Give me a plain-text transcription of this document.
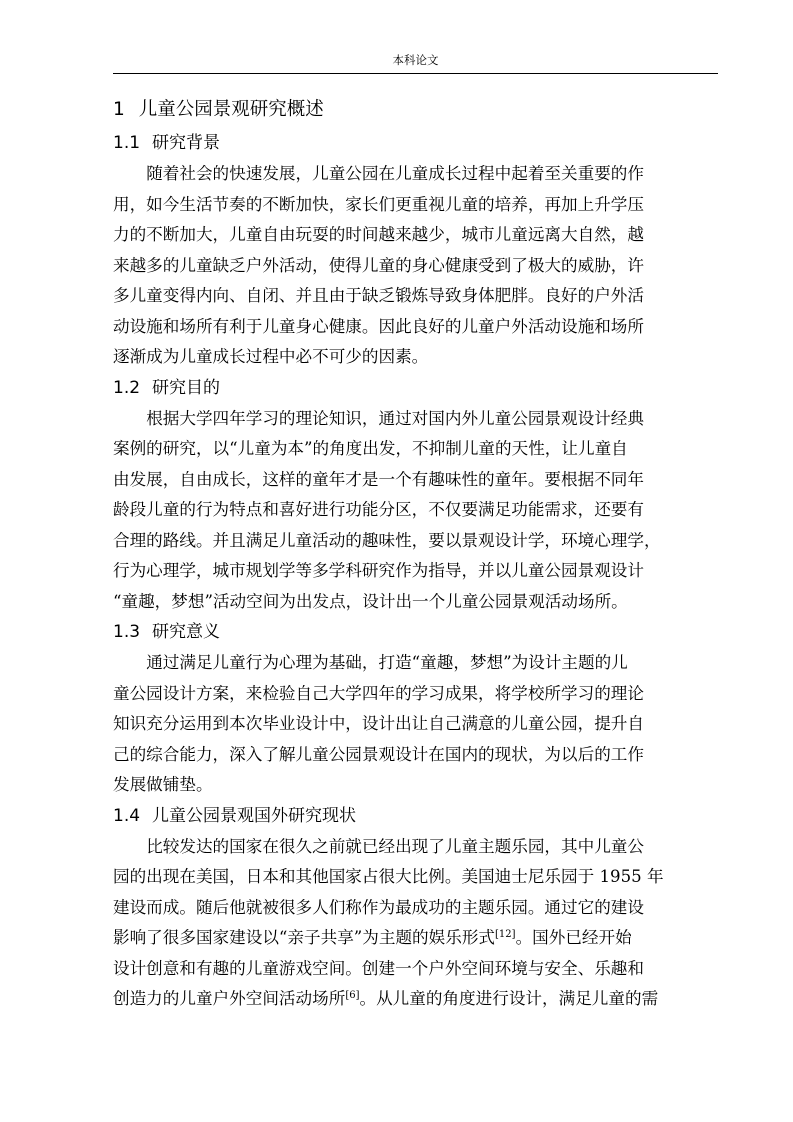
本科论文
1 儿童公园景观研究概述
1.1 研究背景

随着社会的快速发展，儿童公园在儿童成长过程中起着至关重要的作
用，如今生活节奏的不断加快，家长们更重视儿童的培养，再加上升学压
力的不断加大，儿童自由玩耍的时间越来越少，城市儿童远离大自然，越
来越多的儿童缺乏户外活动，使得儿童的身心健康受到了极大的威胁，许
多儿童变得内向、自闭、并且由于缺乏锻炼导致身体肥胖。良好的户外活
动设施和场所有利于儿童身心健康。因此良好的儿童户外活动设施和场所
逐渐成为儿童成长过程中必不可少的因素。

1.2 研究目的

根据大学四年学习的理论知识，通过对国内外儿童公园景观设计经典
案例的研究，以“儿童为本”的角度出发，不抑制儿童的天性，让儿童自
由发展，自由成长，这样的童年才是一个有趣味性的童年。要根据不同年
龄段儿童的行为特点和喜好进行功能分区，不仅要满足功能需求，还要有
合理的路线。并且满足儿童活动的趣味性，要以景观设计学，环境心理学，
行为心理学，城市规划学等多学科研究作为指导，并以儿童公园景观设计
“童趣，梦想”活动空间为出发点，设计出一个儿童公园景观活动场所。

1.3 研究意义

通过满足儿童行为心理为基础，打造“童趣，梦想”为设计主题的儿
童公园设计方案，来检验自己大学四年的学习成果，将学校所学习的理论
知识充分运用到本次毕业设计中，设计出让自己满意的儿童公园，提升自
己的综合能力，深入了解儿童公园景观设计在国内的现状，为以后的工作
发展做铺垫。

1.4 儿童公园景观国外研究现状

比较发达的国家在很久之前就已经出现了儿童主题乐园，其中儿童公
园的出现在美国，日本和其他国家占很大比例。美国迪士尼乐园于 1955 年
建设而成。随后他就被很多人们称作为最成功的主题乐园。通过它的建设
影响了很多国家建设以“亲子共享”为主题的娱乐形式[12]。国外已经开始
设计创意和有趣的儿童游戏空间。创建一个户外空间环境与安全、乐趣和
创造力的儿童户外空间活动场所[6]。从儿童的角度进行设计，满足儿童的需
